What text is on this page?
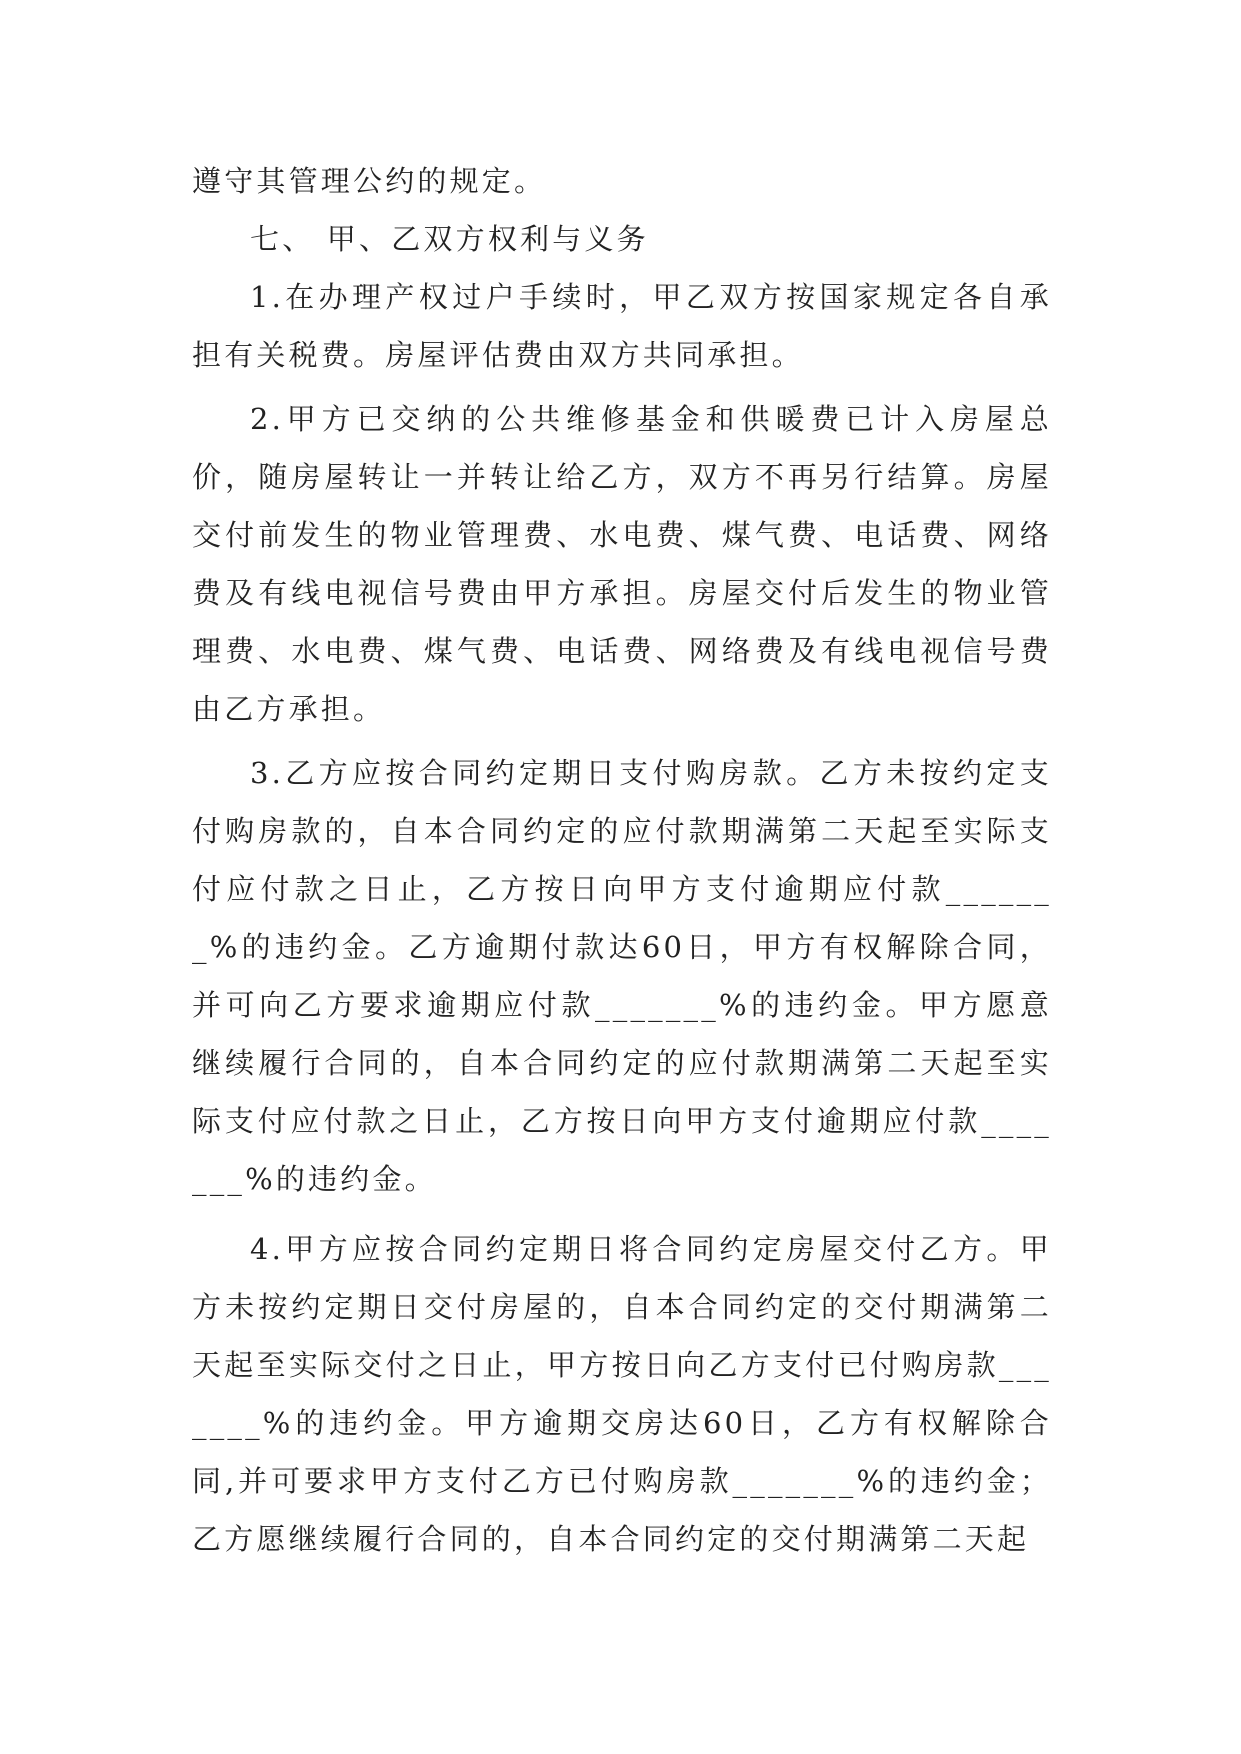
遵守其管理公约的规定。

七、 甲、乙双方权利与义务

1.在办理产权过户手续时，甲乙双方按国家规定各自承担有关税费。房屋评估费由双方共同承担。

2.甲方已交纳的公共维修基金和供暖费已计入房屋总价，随房屋转让一并转让给乙方，双方不再另行结算。房屋交付前发生的物业管理费、水电费、煤气费、电话费、网络费及有线电视信号费由甲方承担。房屋交付后发生的物业管理费、水电费、煤气费、电话费、网络费及有线电视信号费由乙方承担。

3.乙方应按合同约定期日支付购房款。乙方未按约定支付购房款的，自本合同约定的应付款期满第二天起至实际支付应付款之日止，乙方按日向甲方支付逾期应付款_______%的违约金。乙方逾期付款达60日，甲方有权解除合同，并可向乙方要求逾期应付款_______%的违约金。甲方愿意继续履行合同的，自本合同约定的应付款期满第二天起至实际支付应付款之日止，乙方按日向甲方支付逾期应付款_______%的违约金。

4.甲方应按合同约定期日将合同约定房屋交付乙方。甲方未按约定期日交付房屋的，自本合同约定的交付期满第二天起至实际交付之日止，甲方按日向乙方支付已付购房款_______%的违约金。甲方逾期交房达60日，乙方有权解除合同,并可要求甲方支付乙方已付购房款_______%的违约金；乙方愿继续履行合同的，自本合同约定的交付期满第二天起
